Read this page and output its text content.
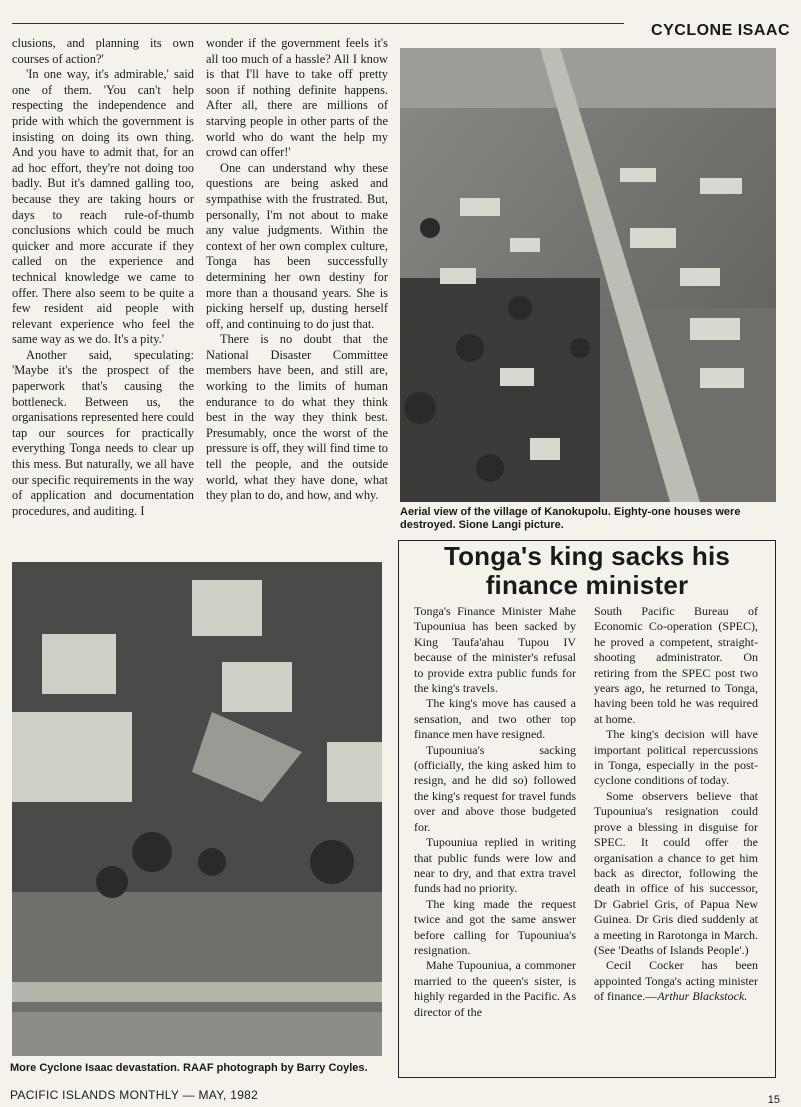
CYCLONE ISAAC

clusions, and planning its own courses of action?'

'In one way, it's admirable,' said one of them. 'You can't help respecting the independence and pride with which the government is insisting on doing its own thing. And you have to admit that, for an ad hoc effort, they're not doing too badly. But it's damned galling too, because they are taking hours or days to reach rule-of-thumb conclusions which could be much quicker and more accurate if they called on the experience and technical knowledge we came to offer. There also seem to be quite a few resident aid people with relevant experience who feel the same way as we do. It's a pity.'

Another said, speculating: 'Maybe it's the prospect of the paperwork that's causing the bottleneck. Between us, the organisations represented here could tap our sources for practically everything Tonga needs to clear up this mess. But naturally, we all have our specific requirements in the way of application and documentation procedures, and auditing. I

wonder if the government feels it's all too much of a hassle? All I know is that I'll have to take off pretty soon if nothing definite happens. After all, there are millions of starving people in other parts of the world who do want the help my crowd can offer!'

One can understand why these questions are being asked and sympathise with the frustrated. But, personally, I'm not about to make any value judgments. Within the context of her own complex culture, Tonga has been successfully determining her own destiny for more than a thousand years. She is picking herself up, dusting herself off, and continuing to do just that.

There is no doubt that the National Disaster Committee members have been, and still are, working to the limits of human endurance to do what they think best in the way they think best. Presumably, once the worst of the pressure is off, they will find time to tell the people, and the outside world, what they have done, what they plan to do, and how, and why.

Aerial view of the village of Kanokupolu. Eighty-one houses were destroyed. Sione Langi picture.
More Cyclone Isaac devastation. RAAF photograph by Barry Coyles.
Tonga's king sacks his
finance minister

Tonga's Finance Minister Mahe Tupouniua has been sacked by King Taufa'ahau Tupou IV because of the minister's refusal to provide extra public funds for the king's travels.

The king's move has caused a sensation, and two other top finance men have resigned.

Tupouniua's sacking (officially, the king asked him to resign, and he did so) followed the king's request for travel funds over and above those budgeted for.

Tupouniua replied in writing that public funds were low and near to dry, and that extra travel funds had no priority.

The king made the request twice and got the same answer before calling for Tupouniua's resignation.

Mahe Tupouniua, a commoner married to the queen's sister, is highly regarded in the Pacific. As director of the

South Pacific Bureau of Economic Co-operation (SPEC), he proved a competent, straight-shooting administrator. On retiring from the SPEC post two years ago, he returned to Tonga, having been told he was required at home.

The king's decision will have important political repercussions in Tonga, especially in the post-cyclone conditions of today.

Some observers believe that Tupouniua's resignation could prove a blessing in disguise for SPEC. It could offer the organisation a chance to get him back as director, following the death in office of his successor, Dr Gabriel Gris, of Papua New Guinea. Dr Gris died suddenly at a meeting in Rarotonga in March. (See 'Deaths of Islands People'.)

Cecil Cocker has been appointed Tonga's acting minister of finance.—Arthur Blackstock.

PACIFIC ISLANDS MONTHLY — MAY, 1982	15
